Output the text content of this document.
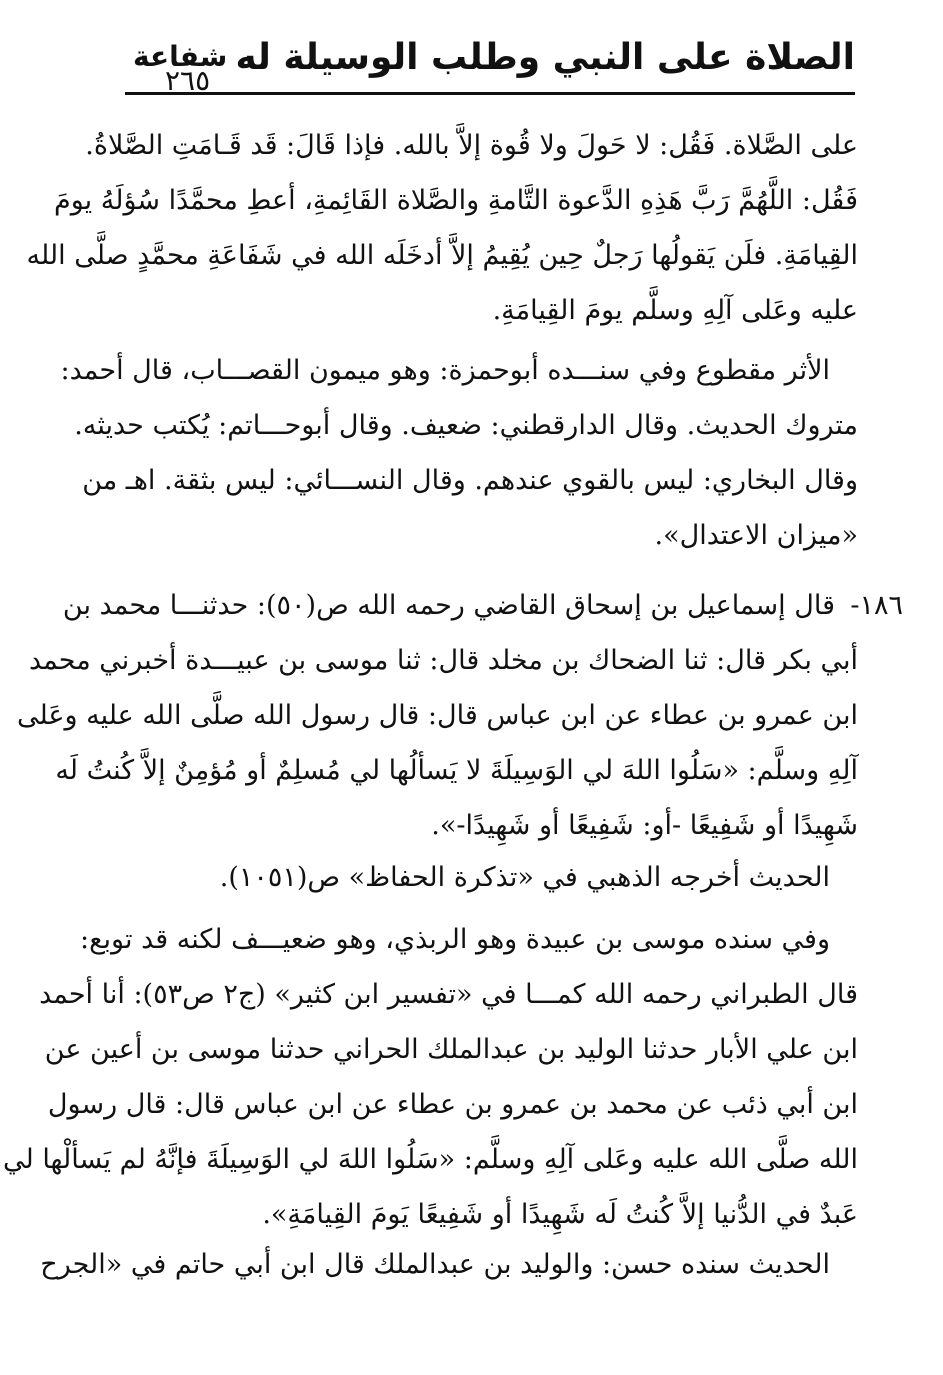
الصلاة على النبي وطلب الوسيلة له
شفاعة
٢٦٥
على الصَّلاة. فَقُل: لا حَولَ ولا قُوة إلاَّ بالله. فإذا قَالَ: قَد قَـامَتِ الصَّلاةُ.
فَقُل: اللَّهُمَّ رَبَّ هَذِهِ الدَّعوة التَّامةِ والصَّلاة القَائِمةِ، أعطِ محمَّدًا سُؤلَهُ يومَ
القِيامَةِ. فلَن يَقولُها رَجلٌ حِين يُقِيمُ إلاَّ أدخَلَه الله في شَفَاعَةِ محمَّدٍ صلَّى الله
عليه وعَلى آلِهِ وسلَّم يومَ القِيامَةِ.
الأثر مقطوع وفي سنـــده أبوحمزة: وهو ميمون القصـــاب، قال أحمد:
متروك الحديث. وقال الدارقطني: ضعيف. وقال أبوحـــاتم: يُكتب حديثه.
وقال البخاري: ليس بالقوي عندهم. وقال النســـائي: ليس بثقة. اهـ من
«ميزان الاعتدال».
١٨٦-
قال إسماعيل بن إسحاق القاضي رحمه الله ص(٥٠): حدثنـــا محمد بن
أبي بكر قال: ثنا الضحاك بن مخلد قال: ثنا موسى بن عبيـــدة أخبرني محمد
ابن عمرو بن عطاء عن ابن عباس قال: قال رسول الله صلَّى الله عليه وعَلى
آلِهِ وسلَّم: «سَلُوا اللهَ لي الوَسِيلَةَ لا يَسألُها لي مُسلِمٌ أو مُؤمِنٌ إلاَّ كُنتُ لَه
شَهِيدًا أو شَفِيعًا -أو: شَفِيعًا أو شَهِيدًا-».
الحديث أخرجه الذهبي في «تذكرة الحفاظ» ص(١٠٥١).
وفي سنده موسى بن عبيدة وهو الربذي، وهو ضعيـــف لكنه قد توبع:
قال الطبراني رحمه الله كمـــا في «تفسير ابن كثير» (ج٢ ص٥٣): أنا أحمد
ابن علي الأبار حدثنا الوليد بن عبدالملك الحراني حدثنا موسى بن أعين عن
ابن أبي ذئب عن محمد بن عمرو بن عطاء عن ابن عباس قال: قال رسول
الله صلَّى الله عليه وعَلى آلِهِ وسلَّم: «سَلُوا اللهَ لي الوَسِيلَةَ فإنَّهُ لم يَسألْها لي
عَبدٌ في الدُّنيا إلاَّ كُنتُ لَه شَهِيدًا أو شَفِيعًا يَومَ القِيامَةِ».
الحديث سنده حسن: والوليد بن عبدالملك قال ابن أبي حاتم في «الجرح
